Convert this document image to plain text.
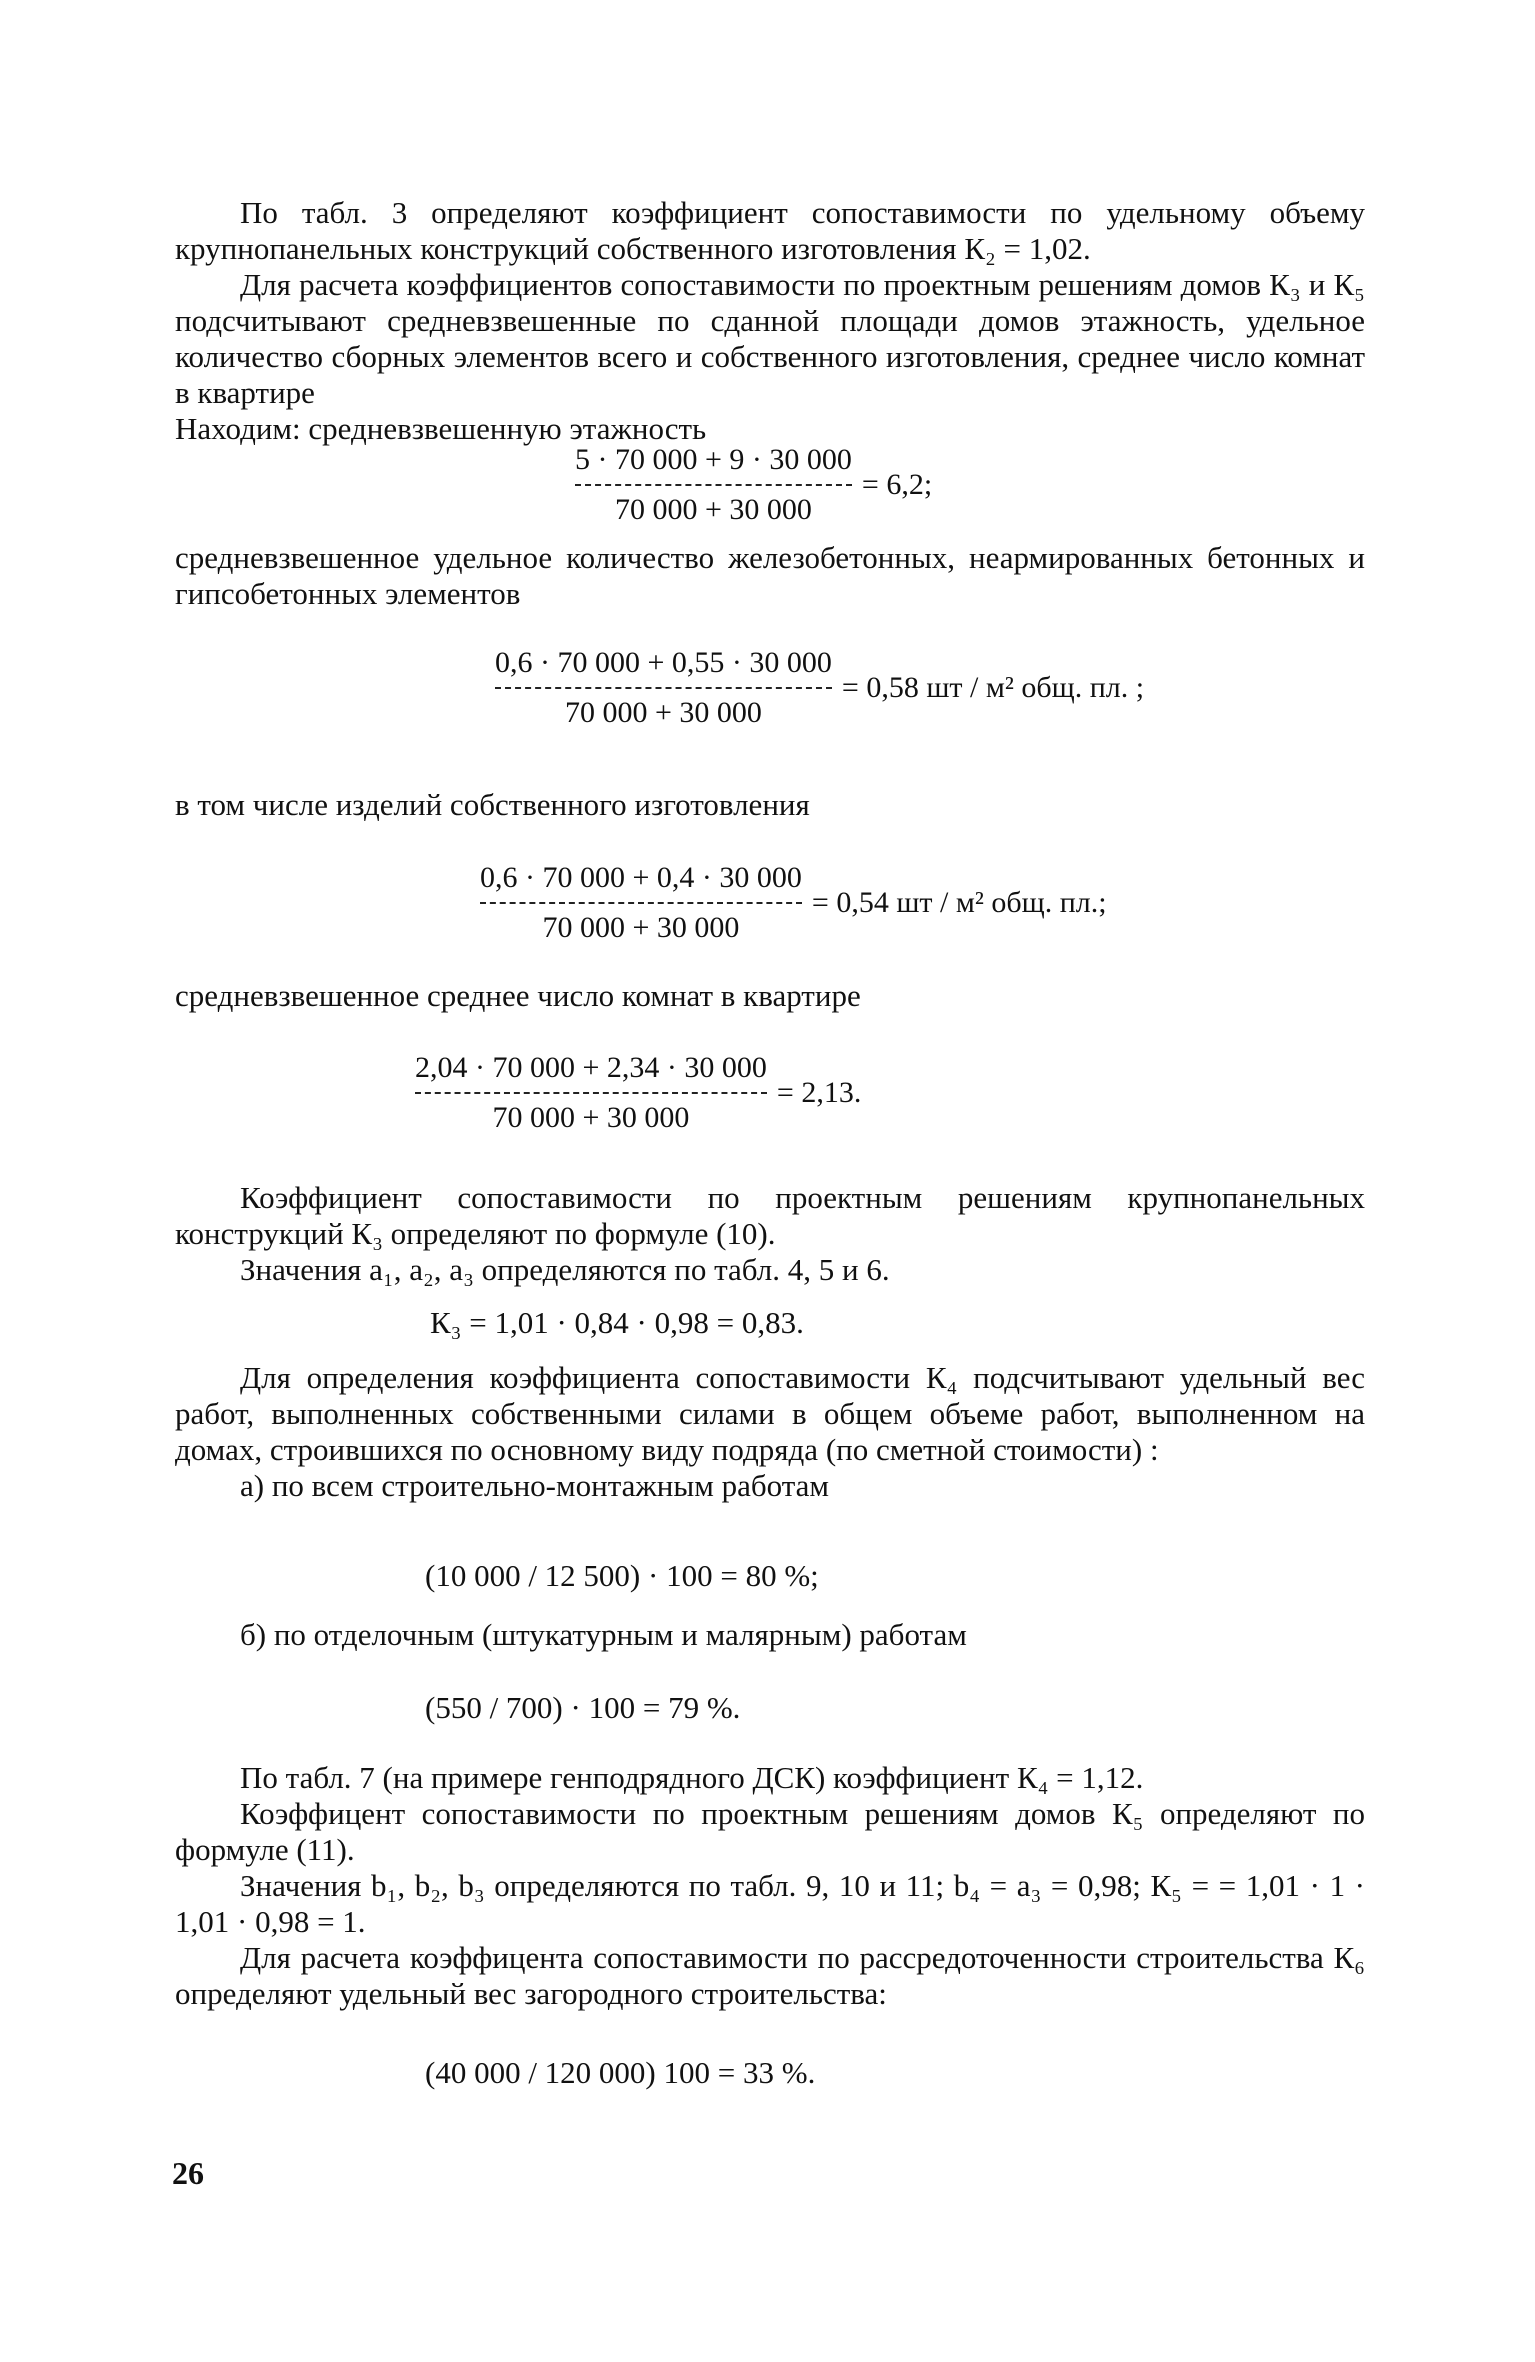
По табл. 3 определяют коэффициент сопоставимости по удельному объему крупнопанельных конструкций собственного изготовления К₂ = 1,02.

Для расчета коэффициентов сопоставимости по проектным решениям домов К₃ и К₅ подсчитывают средневзвешенные по сданной площади домов этажность, удельное количество сборных элементов всего и собственного изготовления, среднее число комнат в квартире

Находим: средневзвешенную этажность

$\frac{5 \cdot 70 000 + 9 \cdot 30 000}{70 000 + 30 000} = 6,2$;

средневзвешенное удельное количество железобетонных, неармированных бетонных и гипсобетонных элементов

$\frac{0,6 \cdot 70 000 + 0,55 \cdot 30 000}{70 000 + 30 000} = 0,58$ шт / м² общ. пл. ;
в том числе изделий собственного изготовления
$\frac{0,6 \cdot 70 000 + 0,4 \cdot 30 000}{70 000 + 30 000} = 0,54$ шт / м² общ. пл.;
средневзвешенное среднее число комнат в квартире
$\frac{2,04 \cdot 70 000 + 2,34 \cdot 30 000}{70 000 + 30 000} = 2,13$.

Коэффициент сопоставимости по проектным решениям крупнопанельных конструкций К₃ определяют по формуле (10).

Значения а₁, а₂, а₃ определяются по табл. 4, 5 и 6.

К₃ = 1,01 · 0,84 · 0,98 = 0,83.

Для определения коэффициента сопоставимости К₄ подсчитывают удельный вес работ, выполненных собственными силами в общем объеме работ, выполненном на домах, строившихся по основному виду подряда (по сметной стоимости) :

а) по всем строительно-монтажным работам

(10 000 / 12 500) · 100 = 80 %;
б) по отделочным (штукатурным и малярным) работам
(550 / 700) · 100 = 79 %.

По табл. 7 (на примере генподрядного ДСК) коэффициент К₄ = 1,12.

Коэффицент сопоставимости по проектным решениям домов К₅ определяют по формуле (11).

Значения b₁, b₂, b₃ определяются по табл. 9, 10 и 11; b₄ = а₃ = 0,98; К₅ = = 1,01 · 1 · 1,01 · 0,98 = 1.

Для расчета коэффицента сопоставимости по рассредоточенности строительства К₆ определяют удельный вес загородного строительства:

(40 000 / 120 000) 100 = 33 %.
26
